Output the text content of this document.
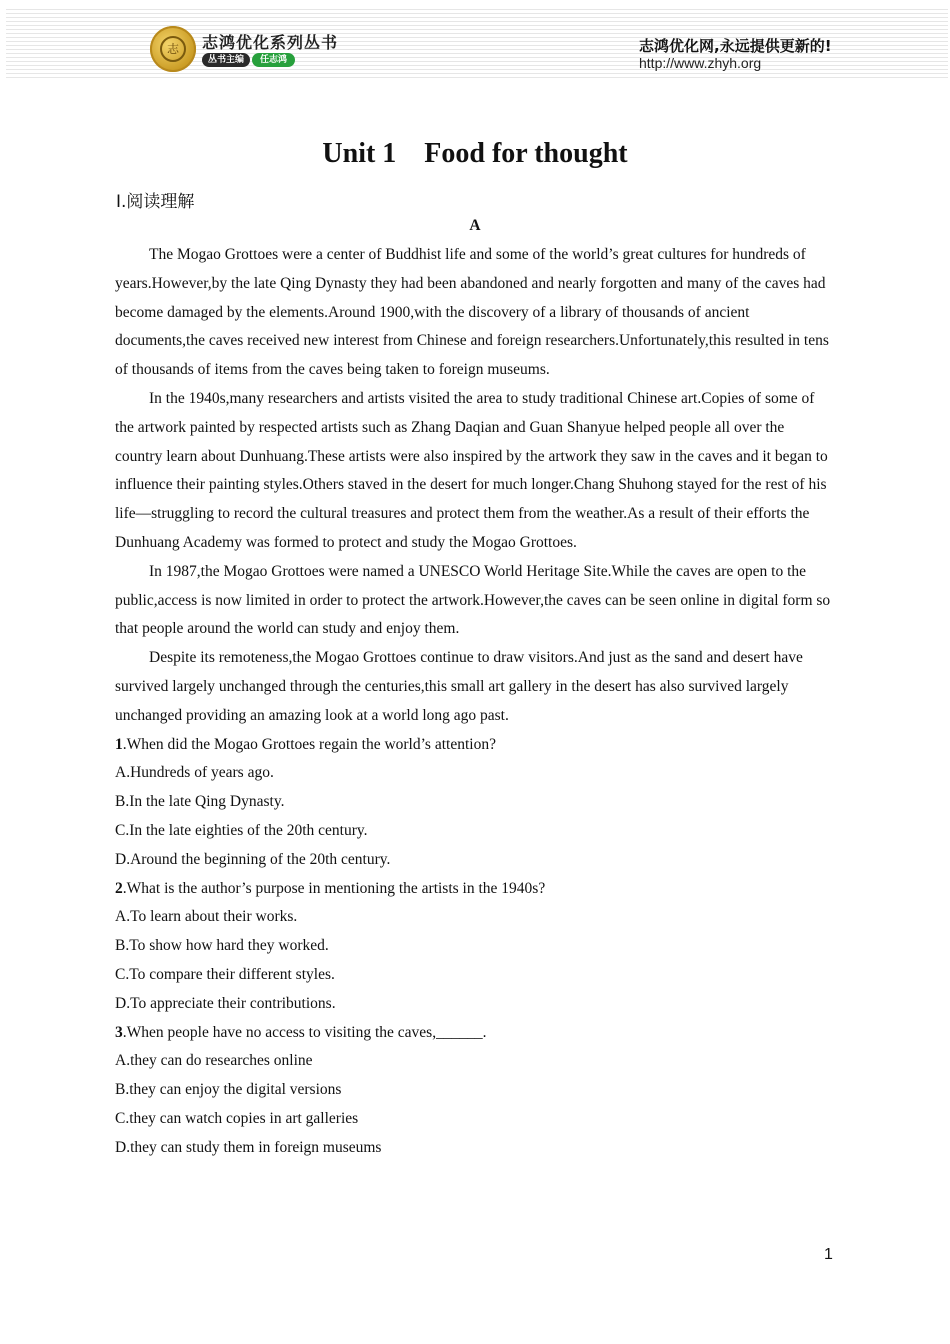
志	志鸿优化系列丛书
丛书主编	任志鸿
志鸿优化网,永远提供更新的!
http://www.zhyh.org
Unit 1    Food for thought
Ⅰ.阅读理解
A

The Mogao Grottoes were a center of Buddhist life and some of the world’s great cultures for hundreds of years.However,by the late Qing Dynasty they had been abandoned and nearly forgotten and many of the caves had become damaged by the elements.Around 1900,with the discovery of a library of thousands of ancient documents,the caves received new interest from Chinese and foreign researchers.Unfortunately,this resulted in tens of thousands of items from the caves being taken to foreign museums.

In the 1940s,many researchers and artists visited the area to study traditional Chinese art.Copies of some of the artwork painted by respected artists such as Zhang Daqian and Guan Shanyue helped people all over the country learn about Dunhuang.These artists were also inspired by the artwork they saw in the caves and it began to influence their painting styles.Others staved in the desert for much longer.Chang Shuhong stayed for the rest of his life—struggling to record the cultural treasures and protect them from the weather.As a result of their efforts the Dunhuang Academy was formed to protect and study the Mogao Grottoes.

In 1987,the Mogao Grottoes were named a UNESCO World Heritage Site.While the caves are open to the public,access is now limited in order to protect the artwork.However,the caves can be seen online in digital form so that people around the world can study and enjoy them.

Despite its remoteness,the Mogao Grottoes continue to draw visitors.And just as the sand and desert have survived largely unchanged through the centuries,this small art gallery in the desert has also survived largely unchanged providing an amazing look at a world long ago past.

1.When did the Mogao Grottoes regain the world’s attention?
A.Hundreds of years ago.
B.In the late Qing Dynasty.
C.In the late eighties of the 20th century.
D.Around the beginning of the 20th century.
2.What is the author’s purpose in mentioning the artists in the 1940s?
A.To learn about their works.
B.To show how hard they worked.
C.To compare their different styles.
D.To appreciate their contributions.
3.When people have no access to visiting the caves,______.
A.they can do researches online
B.they can enjoy the digital versions
C.they can watch copies in art galleries
D.they can study them in foreign museums
1
